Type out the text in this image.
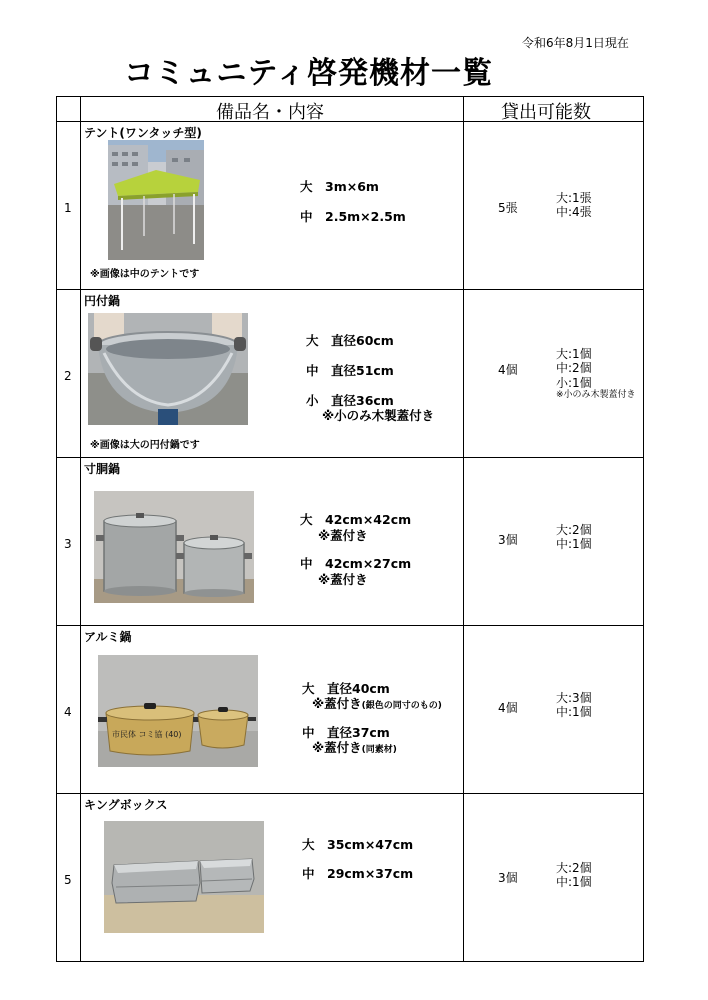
令和6年8月1日現在
コミュニティ啓発機材一覧
備品名・内容	貸出可能数
1
テント(ワンタッチ型)
※画像は中のテントです
大　3m×6m
中　2.5m×2.5m
5張
大:1張
中:4張
2
円付鍋
※画像は大の円付鍋です
大　直径60cm
中　直径51cm
小　直径36cm
※小のみ木製蓋付き
4個
大:1個
中:2個
小:1個
※小のみ木製蓋付き
3
寸胴鍋
大　42cm×42cm
※蓋付き
中　42cm×27cm
※蓋付き
3個
大:2個
中:1個
4
アルミ鍋
市民体 コミ協 (40)
大　直径40cm
※蓋付き(銀色の同寸のもの)
中　直径37cm
※蓋付き(同素材)
4個
大:3個
中:1個
5
キングボックス
大　35cm×47cm
中　29cm×37cm	3個
大:2個
中:1個
